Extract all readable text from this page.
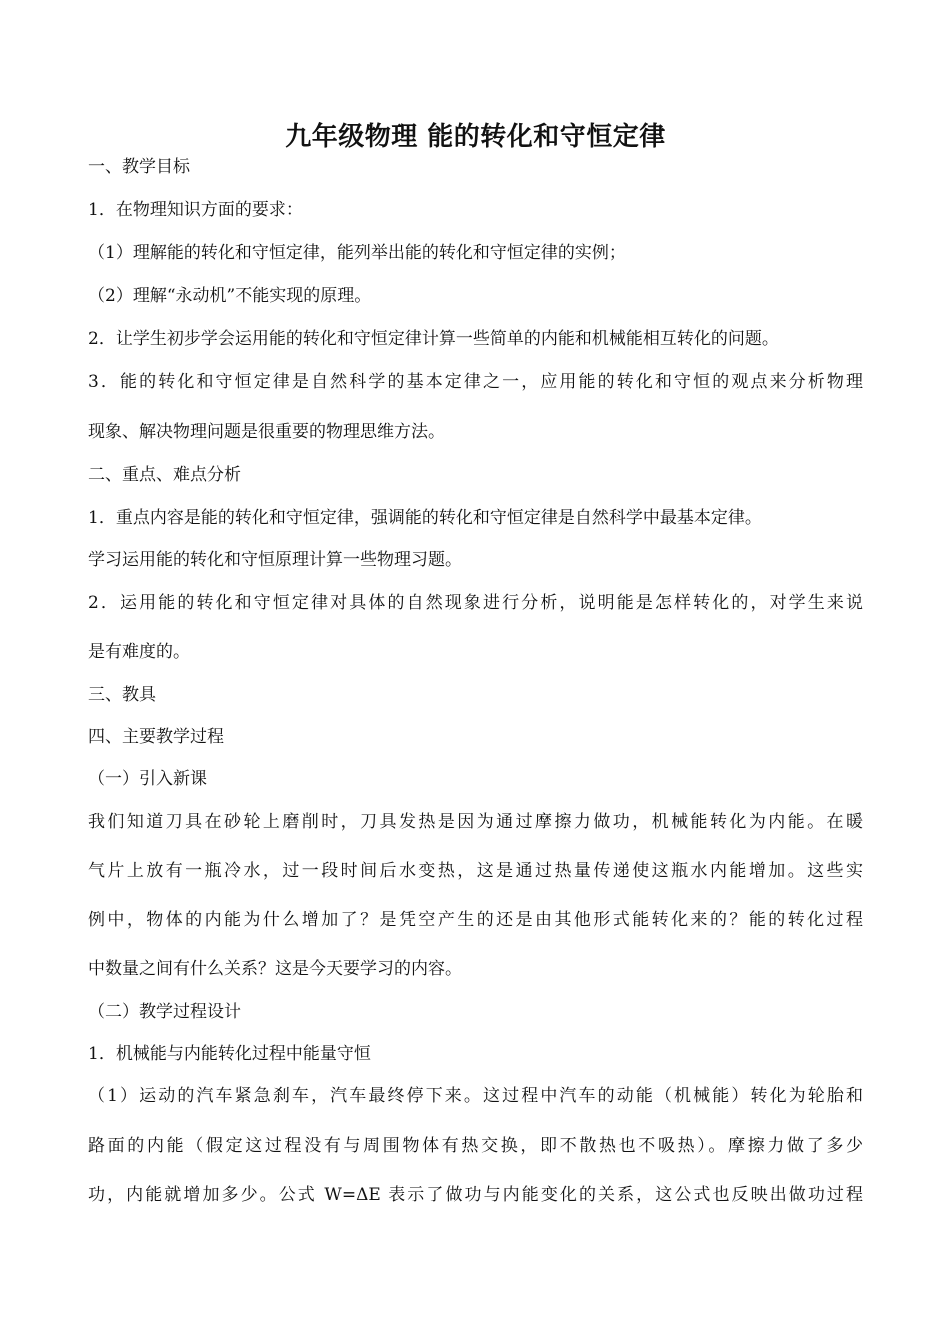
九年级物理 能的转化和守恒定律

一、教学目标

1．在物理知识方面的要求：

（1）理解能的转化和守恒定律，能列举出能的转化和守恒定律的实例；

（2）理解“永动机”不能实现的原理。

2．让学生初步学会运用能的转化和守恒定律计算一些简单的内能和机械能相互转化的问题。

3．能的转化和守恒定律是自然科学的基本定律之一，应用能的转化和守恒的观点来分析物理

现象、解决物理问题是很重要的物理思维方法。

二、重点、难点分析

1．重点内容是能的转化和守恒定律，强调能的转化和守恒定律是自然科学中最基本定律。

学习运用能的转化和守恒原理计算一些物理习题。

2．运用能的转化和守恒定律对具体的自然现象进行分析，说明能是怎样转化的，对学生来说

是有难度的。

三、教具

四、主要教学过程

（一）引入新课

我们知道刀具在砂轮上磨削时，刀具发热是因为通过摩擦力做功，机械能转化为内能。在暖

气片上放有一瓶冷水，过一段时间后水变热，这是通过热量传递使这瓶水内能增加。这些实

例中，物体的内能为什么增加了？是凭空产生的还是由其他形式能转化来的？能的转化过程

中数量之间有什么关系？这是今天要学习的内容。

（二）教学过程设计

1．机械能与内能转化过程中能量守恒

（1）运动的汽车紧急刹车，汽车最终停下来。这过程中汽车的动能（机械能）转化为轮胎和

路面的内能（假定这过程没有与周围物体有热交换，即不散热也不吸热）。摩擦力做了多少

功，内能就增加多少。公式 W=ΔE 表示了做功与内能变化的关系，这公式也反映出做功过程
